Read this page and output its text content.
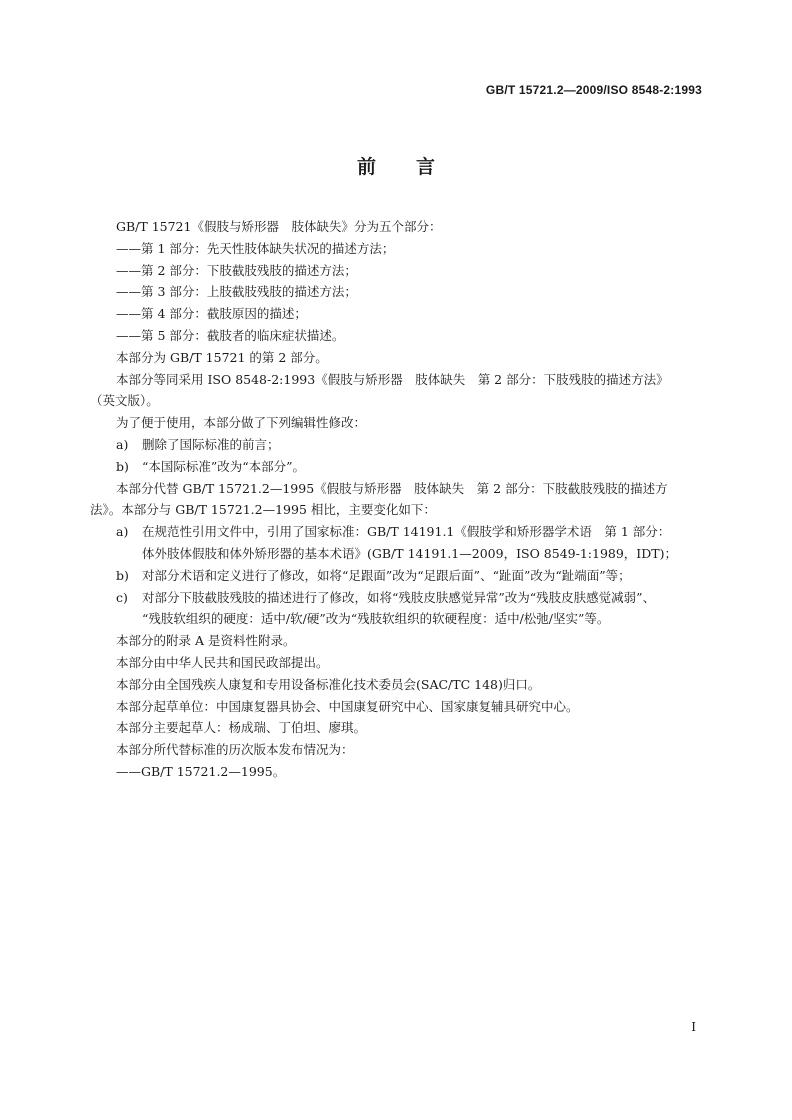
GB/T 15721.2—2009/ISO 8548-2:1993
前言

GB/T 15721《假肢与矫形器　肢体缺失》分为五个部分：

——第 1 部分：先天性肢体缺失状况的描述方法；

——第 2 部分：下肢截肢残肢的描述方法；

——第 3 部分：上肢截肢残肢的描述方法；

——第 4 部分：截肢原因的描述；

——第 5 部分：截肢者的临床症状描述。

本部分为 GB/T 15721 的第 2 部分。

本部分等同采用 ISO 8548-2:1993《假肢与矫形器　肢体缺失　第 2 部分：下肢残肢的描述方法》

（英文版）。

为了便于使用，本部分做了下列编辑性修改：

a)	删除了国际标准的前言；
b)	“本国际标准”改为“本部分”。

本部分代替 GB/T 15721.2—1995《假肢与矫形器　肢体缺失　第 2 部分：下肢截肢残肢的描述方

法》。本部分与 GB/T 15721.2—1995 相比，主要变化如下：

a)	在规范性引用文件中，引用了国家标准：GB/T 14191.1《假肢学和矫形器学术语　第 1 部分：

体外肢体假肢和体外矫形器的基本术语》(GB/T 14191.1—2009，ISO 8549-1:1989，IDT)；

b)	对部分术语和定义进行了修改，如将“足跟面”改为“足跟后面”、“趾面”改为“趾端面”等；
c)	对部分下肢截肢残肢的描述进行了修改，如将“残肢皮肤感觉异常”改为“残肢皮肤感觉减弱”、

“残肢软组织的硬度：适中/软/硬”改为“残肢软组织的软硬程度：适中/松弛/坚实”等。

本部分的附录 A 是资料性附录。

本部分由中华人民共和国民政部提出。

本部分由全国残疾人康复和专用设备标准化技术委员会(SAC/TC 148)归口。

本部分起草单位：中国康复器具协会、中国康复研究中心、国家康复辅具研究中心。

本部分主要起草人：杨成瑞、丁伯坦、廖琪。

本部分所代替标准的历次版本发布情况为：

——GB/T 15721.2—1995。

I
